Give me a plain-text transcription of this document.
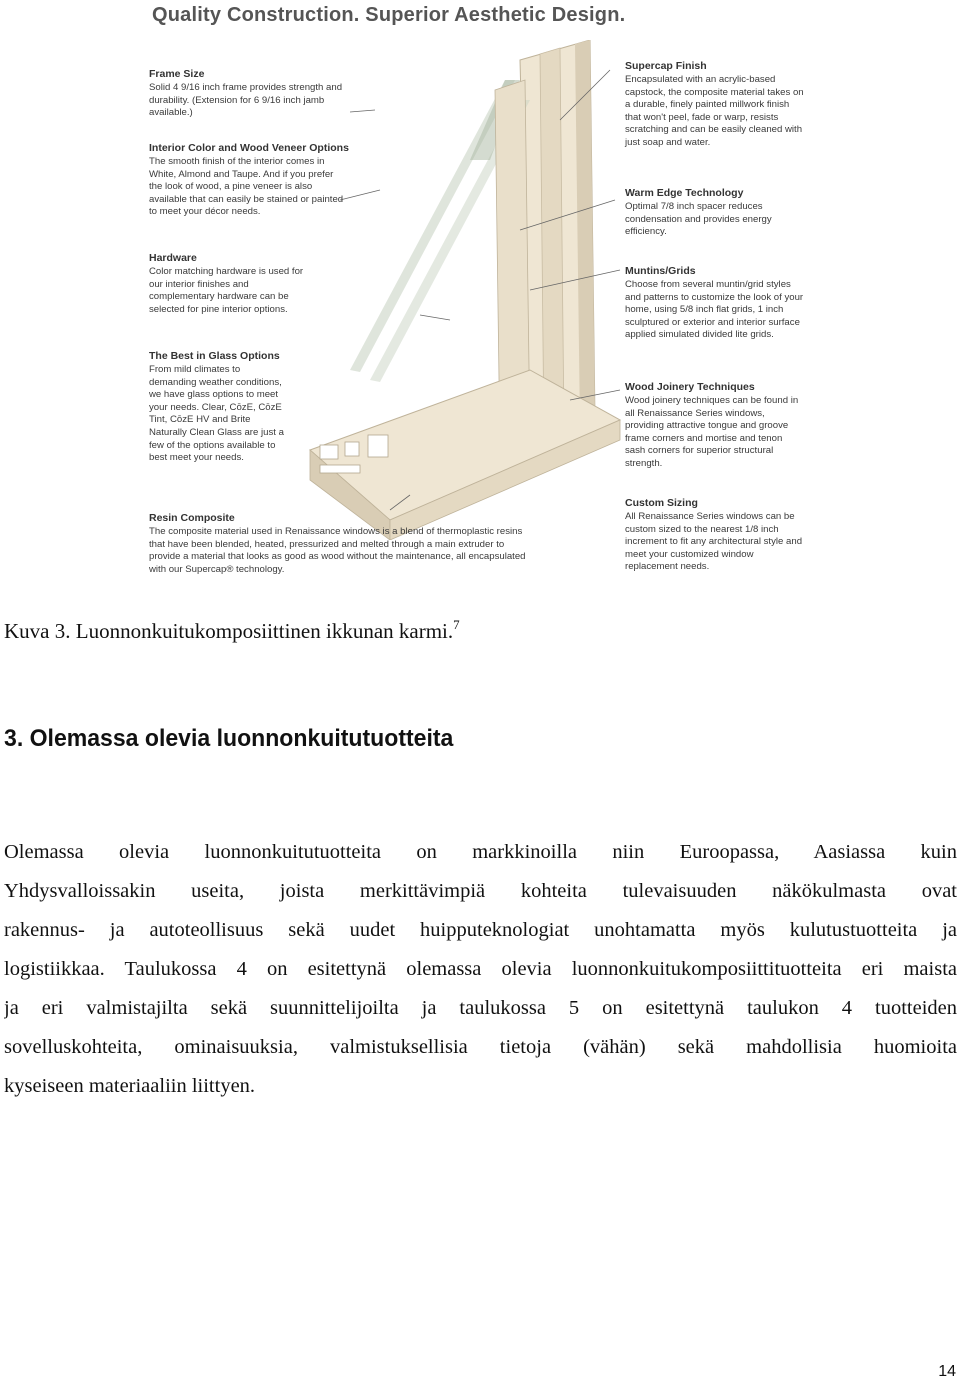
Quality Construction. Superior Aesthetic Design.
Frame Size
Solid 4 9/16 inch frame provides strength and durability. (Extension for 6 9/16 inch jamb available.)
Interior Color and Wood Veneer Options
The smooth finish of the interior comes in White, Almond and Taupe. And if you prefer the look of wood, a pine veneer is also available that can easily be stained or painted to meet your décor needs.
Hardware
Color matching hardware is used for our interior finishes and complementary hardware can be selected for pine interior options.
The Best in Glass Options
From mild climates to demanding weather conditions, we have glass options to meet your needs. Clear, CōzE, CōzE Tint, CōzE HV and Brite Naturally Clean Glass are just a few of the options available to best meet your needs.
Resin Composite
The composite material used in Renaissance windows is a blend of thermoplastic resins that have been blended, heated, pressurized and melted through a main extruder to provide a material that looks as good as wood without the maintenance, all encapsulated with our Supercap® technology.
Supercap Finish
Encapsulated with an acrylic-based capstock, the composite material takes on a durable, finely painted millwork finish that won't peel, fade or warp, resists scratching and can be easily cleaned with just soap and water.
Warm Edge Technology
Optimal 7/8 inch spacer reduces condensation and provides energy efficiency.
Muntins/Grids
Choose from several muntin/grid styles and patterns to customize the look of your home, using 5/8 inch flat grids, 1 inch sculptured or exterior and interior surface applied simulated divided lite grids.
Wood Joinery Techniques
Wood joinery techniques can be found in all Renaissance Series windows, providing attractive tongue and groove frame corners and mortise and tenon sash corners for superior structural strength.
Custom Sizing
All Renaissance Series windows can be custom sized to the nearest 1/8 inch increment to fit any architectural style and meet your customized window replacement needs.
Kuva 3. Luonnonkuitukomposiittinen ikkunan karmi.$^7$
3. Olemassa olevia luonnonkuitutuotteita
Olemassa olevia luonnonkuitutuotteita on markkinoilla niin Euroopassa, Aasiassa kuin
Yhdysvalloissakin useita, joista merkittävimpiä kohteita tulevaisuuden näkökulmasta ovat
rakennus- ja autoteollisuus sekä uudet huipputeknologiat unohtamatta myös kulutustuotteita ja
logistiikkaa. Taulukossa 4 on esitettynä olemassa olevia luonnonkuitukomposiittituotteita eri maista
ja eri valmistajilta sekä suunnittelijoilta ja taulukossa 5 on esitettynä taulukon 4 tuotteiden
sovelluskohteita, ominaisuuksia, valmistuksellisia tietoja (vähän) sekä mahdollisia huomioita
kyseiseen materiaaliin liittyen.
14
